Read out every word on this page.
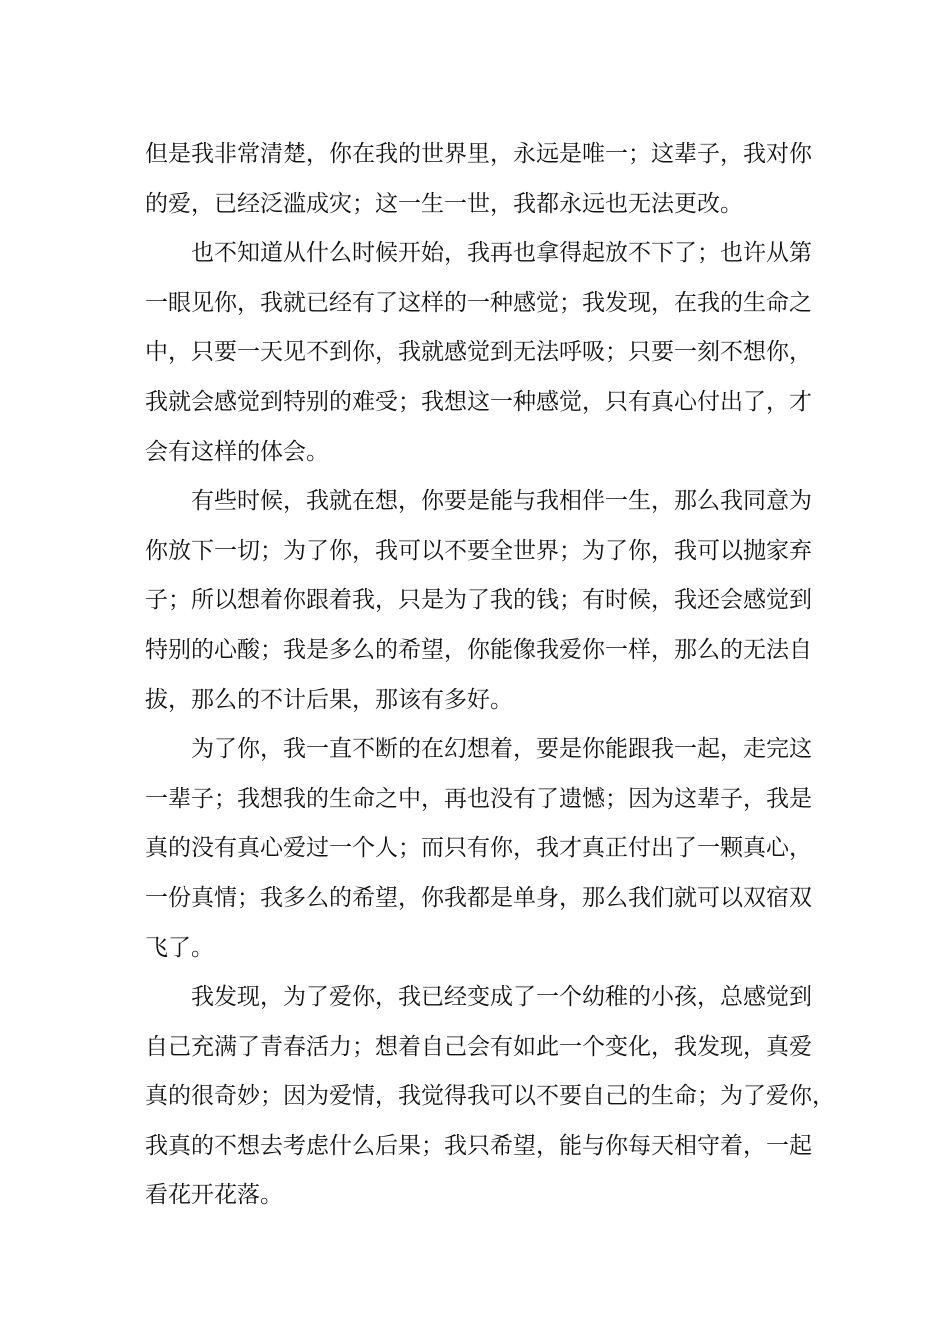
但是我非常清楚，你在我的世界里，永远是唯一；这辈子，我对你
的爱，已经泛滥成灾；这一生一世，我都永远也无法更改。
也不知道从什么时候开始，我再也拿得起放不下了；也许从第
一眼见你，我就已经有了这样的一种感觉；我发现，在我的生命之
中，只要一天见不到你，我就感觉到无法呼吸；只要一刻不想你，
我就会感觉到特别的难受；我想这一种感觉，只有真心付出了，才
会有这样的体会。
有些时候，我就在想，你要是能与我相伴一生，那么我同意为
你放下一切；为了你，我可以不要全世界；为了你，我可以抛家弃
子；所以想着你跟着我，只是为了我的钱；有时候，我还会感觉到
特别的心酸；我是多么的希望，你能像我爱你一样，那么的无法自
拔，那么的不计后果，那该有多好。
为了你，我一直不断的在幻想着，要是你能跟我一起，走完这
一辈子；我想我的生命之中，再也没有了遗憾；因为这辈子，我是
真的没有真心爱过一个人；而只有你，我才真正付出了一颗真心，
一份真情；我多么的希望，你我都是单身，那么我们就可以双宿双
飞了。
我发现，为了爱你，我已经变成了一个幼稚的小孩，总感觉到
自己充满了青春活力；想着自己会有如此一个变化，我发现，真爱
真的很奇妙；因为爱情，我觉得我可以不要自己的生命；为了爱你，
我真的不想去考虑什么后果；我只希望，能与你每天相守着，一起
看花开花落。
